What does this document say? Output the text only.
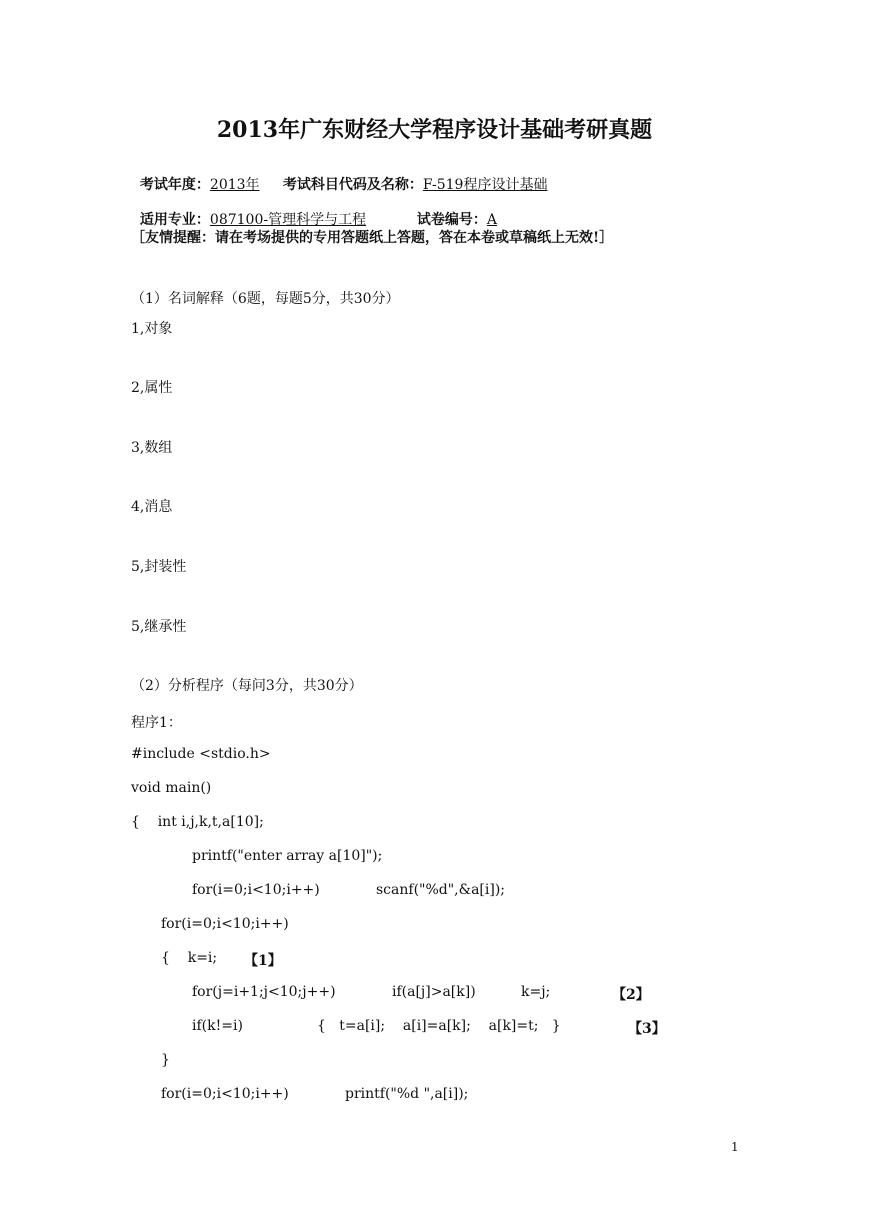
2013年广东财经大学程序设计基础考研真题

考试年度：2013年	考试科目代码及名称：F-519程序设计基础

适用专业：087100-管理科学与工程	试卷编号：A

［友情提醒：请在考场提供的专用答题纸上答题，答在本卷或草稿纸上无效!］
（1）名词解释（6题，每题5分，共30分）
1,对象
2,属性
3,数组
4,消息
5,封装性
5,继承性
（2）分析程序（每问3分，共30分）
程序1：
#include <stdio.h>
void main()
{    int i,j,k,t,a[10];
printf("enter array a[10]");
for(i=0;i<10;i++)	scanf("%d",&a[i]);
for(i=0;i<10;i++)
{    k=i; 【1】
for(j=i+1;j<10;j++)	if(a[j]>a[k])	k=j;	【2】
if(k!=i)	{   t=a[i];    a[i]=a[k];    a[k]=t;   }	【3】
}
for(i=0;i<10;i++)	printf("%d ",a[i]);
1
